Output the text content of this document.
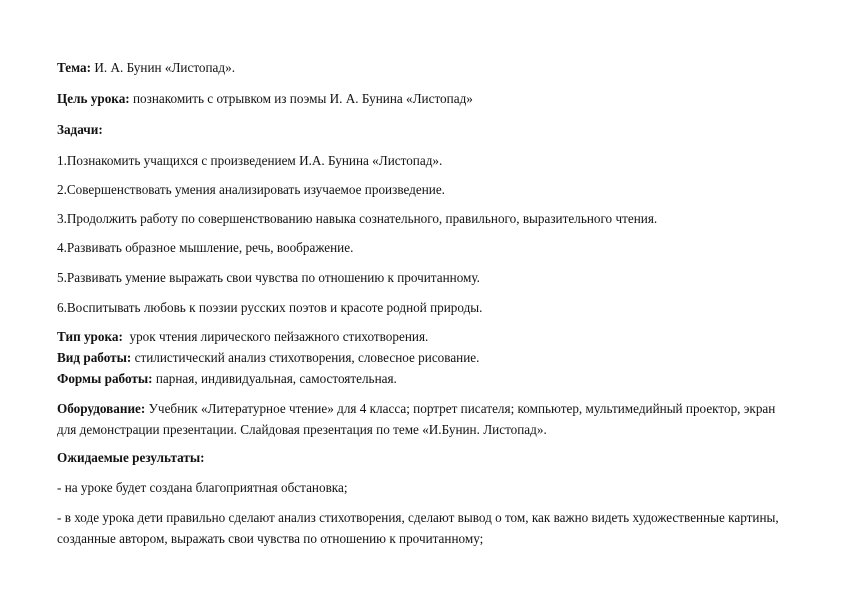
Тема: И. А. Бунин «Листопад».
Цель урока: познакомить с отрывком из поэмы И. А. Бунина «Листопад»
Задачи:
1.Познакомить учащихся с произведением И.А. Бунина «Листопад».
2.Совершенствовать умения анализировать изучаемое произведение.
3.Продолжить работу по совершенствованию навыка сознательного, правильного, выразительного чтения.
4.Развивать образное мышление, речь, воображение.
5.Развивать умение выражать свои чувства по отношению к прочитанному.
6.Воспитывать любовь к поэзии русских поэтов и красоте родной природы.
Тип урока:  урок чтения лирического пейзажного стихотворения.
Вид работы: стилистический анализ стихотворения, словесное рисование.
Формы работы: парная, индивидуальная, самостоятельная.
Оборудование: Учебник «Литературное чтение» для 4 класса; портрет писателя; компьютер, мультимедийный проектор, экран для демонстрации презентации. Слайдовая презентация по теме «И.Бунин. Листопад».
Ожидаемые результаты:
- на уроке будет создана благоприятная обстановка;
- в ходе урока дети правильно сделают анализ стихотворения, сделают вывод о том, как важно видеть художественные картины, созданные автором, выражать свои чувства по отношению к прочитанному;
